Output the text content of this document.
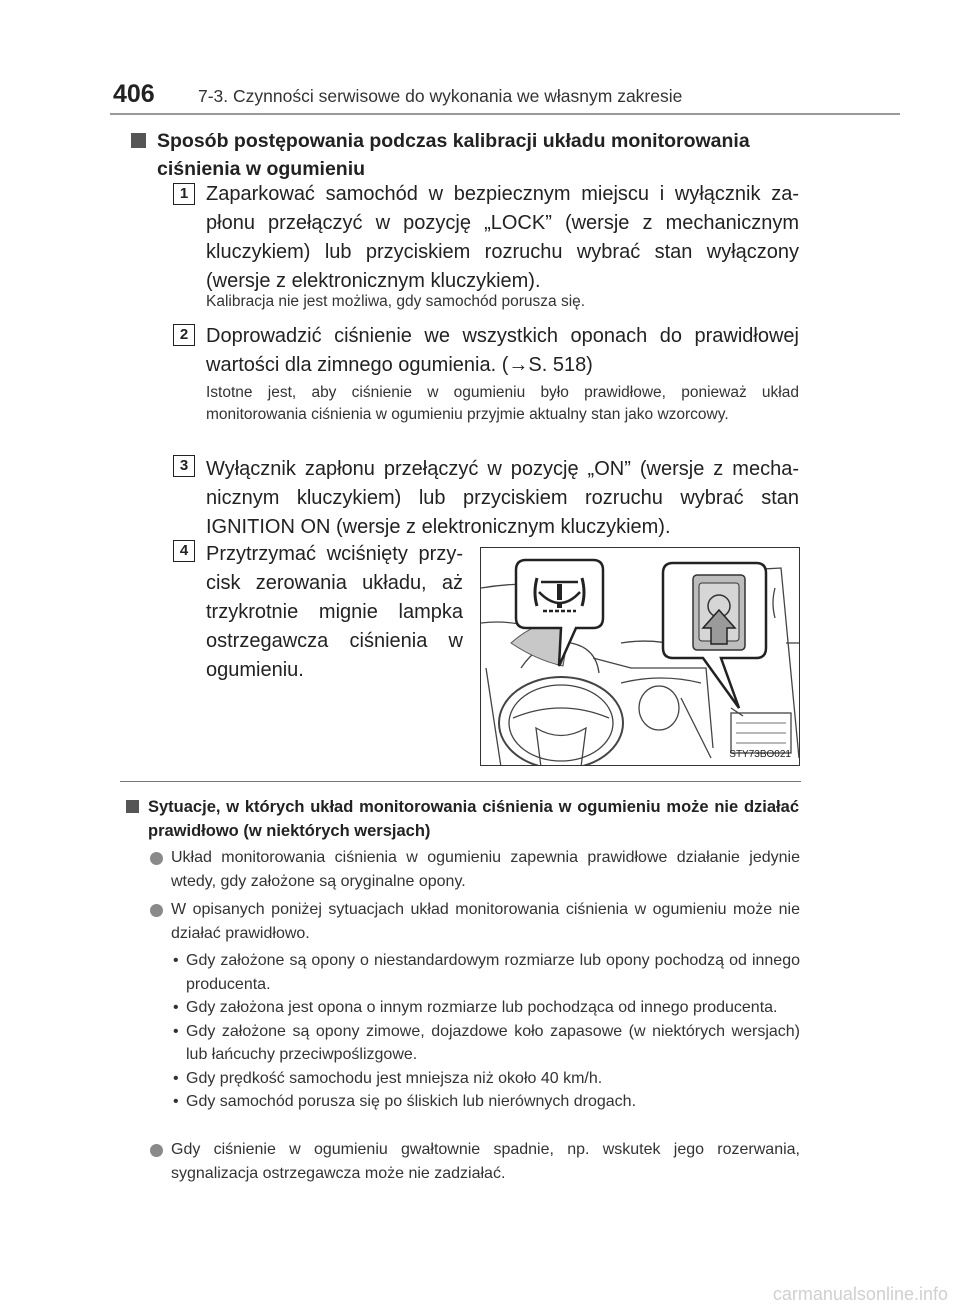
406 7-3. Czynności serwisowe do wykonania we własnym zakresie
Sposób postępowania podczas kalibracji układu monitorowania ciśnienia w ogumieniu
1 Zaparkować samochód w bezpiecznym miejscu i wyłącznik zapłonu przełączyć w pozycję „LOCK” (wersje z mechanicznym kluczykiem) lub przyciskiem rozruchu wybrać stan wyłączony (wersje z elektronicznym kluczykiem).
Kalibracja nie jest możliwa, gdy samochód porusza się.
2 Doprowadzić ciśnienie we wszystkich oponach do prawidłowej wartości dla zimnego ogumienia. (→S. 518)
Istotne jest, aby ciśnienie w ogumieniu było prawidłowe, ponieważ układ monitorowania ciśnienia w ogumieniu przyjmie aktualny stan jako wzorcowy.
3 Wyłącznik zapłonu przełączyć w pozycję „ON” (wersje z mechanicznym kluczykiem) lub przyciskiem rozruchu wybrać stan IGNITION ON (wersje z elektronicznym kluczykiem).
4 Przytrzymać wciśnięty przycisk zerowania układu, aż trzykrotnie mignie lampka ostrzegawcza ciśnienia w ogumieniu.
STY73BO021
Sytuacje, w których układ monitorowania ciśnienia w ogumieniu może nie działać prawidłowo (w niektórych wersjach)
Układ monitorowania ciśnienia w ogumieniu zapewnia prawidłowe działanie jedynie wtedy, gdy założone są oryginalne opony.
W opisanych poniżej sytuacjach układ monitorowania ciśnienia w ogumieniu może nie działać prawidłowo.
• Gdy założone są opony o niestandardowym rozmiarze lub opony pochodzą od innego producenta.
• Gdy założona jest opona o innym rozmiarze lub pochodząca od innego producenta.
• Gdy założone są opony zimowe, dojazdowe koło zapasowe (w niektórych wersjach) lub łańcuchy przeciwpoślizgowe.
• Gdy prędkość samochodu jest mniejsza niż około 40 km/h.
• Gdy samochód porusza się po śliskich lub nierównych drogach.
Gdy ciśnienie w ogumieniu gwałtownie spadnie, np. wskutek jego rozerwania, sygnalizacja ostrzegawcza może nie zadziałać.
carmanualsonline.info
